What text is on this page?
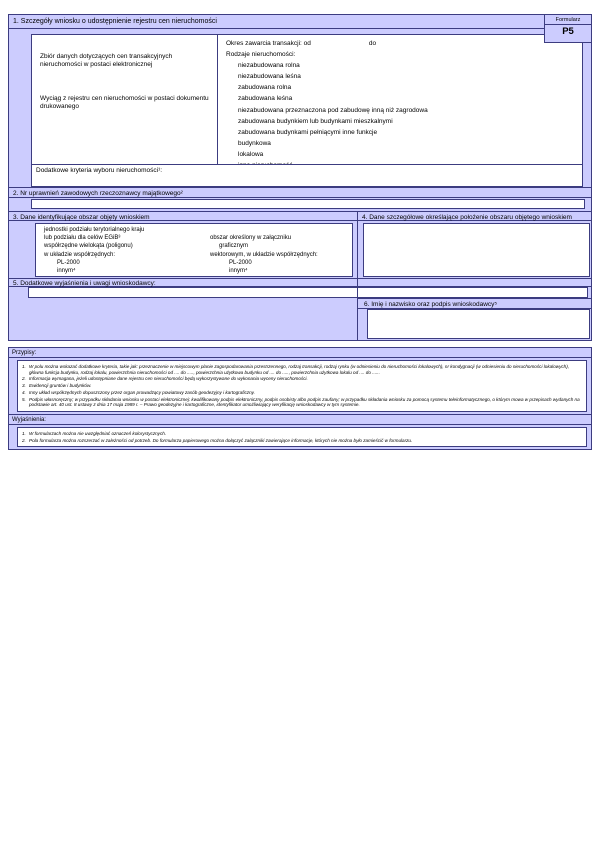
1. Szczegóły wniosku o udostępnienie rejestru cen nieruchomości	Formularz
P5
Zbiór danych dotyczących cen transakcyjnych nieruchomości w postaci elektronicznej
Wyciąg z rejestru cen nieruchomości w postaci dokumentu drukowanego
Okres zawarcia transakcji: od	do
Rodzaje nieruchomości:
niezabudowana rolna
niezabudowana leśna
zabudowana rolna
zabudowana leśna
niezabudowana przeznaczona pod zabudowę inną niż zagrodowa
zabudowana budynkiem lub budynkami mieszkalnymi
zabudowana budynkami pełniącymi inne funkcje
budynkowa
lokalowa
Dodatkowe kryteria wyboru nieruchomości¹:
2. Nr uprawnień zawodowych rzeczoznawcy majątkowego²
3. Dane identyfikujące obszar objęty wnioskiem	4. Dane szczegółowe określające położenie obszaru objętego wnioskiem
jednostki podziału terytorialnego kraju
lub podziału dla celów EGiB³	obszar określony w załączniku
współrzędne wielokąta (poligonu)	graficznym
w układzie współrzędnych:	wektorowym, w układzie współrzędnych:
PL-2000	PL-2000
innym⁴	innym⁴
5. Dodatkowe wyjaśnienia i uwagi wnioskodawcy:
6. Imię i nazwisko oraz podpis wnioskodawcy⁵
Przypisy:
1. W polu można wskazać dodatkowe kryteria, takie jak: przeznaczenie w miejscowym planie zagospodarowania przestrzennego, rodzaj transakcji, rodzaj rynku (w odniesieniu do nieruchomości lokalowych), nr kondygnacji (w odniesieniu do nieruchomości lokalowych), główna funkcja budynku, rodzaj lokalu, powierzchnia nieruchomości od .... do ....., powierzchnia użytkowa budynku od .... do ....., powierzchnia użytkowa lokalu od .... do ......
2. Informacja wymagana, jeżeli udostępniane dane rejestru cen nieruchomości będą wykorzystywane do wykonania wyceny nieruchomości.
3. Ewidencji gruntów i budynków.
4. Inny układ współrzędnych dopuszczony przez organ prowadzący powiatowy zasób geodezyjny i kartograficzny.
5. Podpis własnoręczny; w przypadku składania wniosku w postaci elektronicznej: kwalifikowany podpis elektroniczny, podpis osobisty albo podpis zaufany; w przypadku składania wniosku za pomocą systemu teleinformatycznego, o którym mowa w przepisach wydanych na podstawie art. 40 ust. 8 ustawy z dnia 17 maja 1989 r. – Prawo geodezyjne i kartograficzne, identyfikator umożliwiający weryfikację wnioskodawcy w tym systemie.
Wyjaśnienia:
1. W formularzach można nie uwzględniać oznaczeń kolorystycznych.
2. Pola formularza można rozszerzać w zależności od potrzeb. Do formularza papierowego można dołączyć załączniki zawierające informacje, których nie można było zamieścić w formularzu.
